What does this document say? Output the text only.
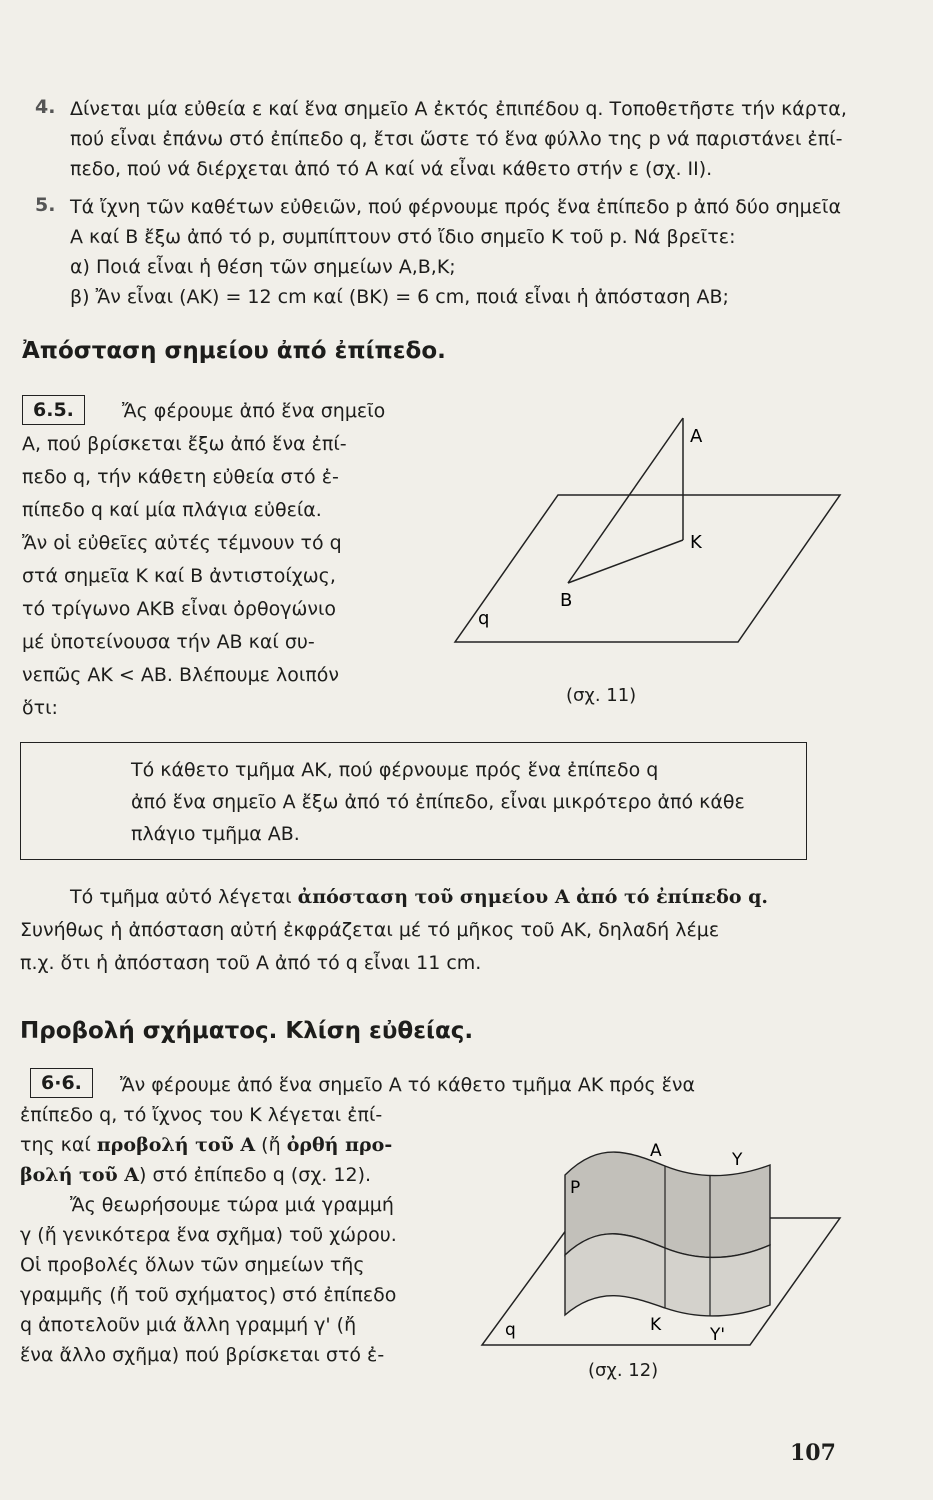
4. Δίνεται μία εὐθεία ε καί ἕνα σημεῖο Α ἐκτός ἐπιπέδου q. Τοποθετῆστε τήν κάρτα,
πού εἶναι ἐπάνω στό ἐπίπεδο q, ἔτσι ὥστε τό ἕνα φύλλο της p νά παριστάνει ἐπί-
πεδο, πού νά διέρχεται ἀπό τό Α καί νά εἶναι κάθετο στήν ε (σχ. II).
5. Τά ἴχνη τῶν καθέτων εὐθειῶν, πού φέρνουμε πρός ἕνα ἐπίπεδο p ἀπό δύο σημεῖα
Α καί Β ἔξω ἀπό τό p, συμπίπτουν στό ἴδιο σημεῖο Κ τοῦ p. Νά βρεῖτε:
α) Ποιά εἶναι ἡ θέση τῶν σημείων Α,Β,Κ;
β) Ἄν εἶναι (ΑΚ) = 12 cm καί (ΒΚ) = 6 cm, ποιά εἶναι ἡ ἀπόσταση ΑΒ;
Ἀπόσταση σημείου ἀπό ἐπίπεδο.
6.5.	Ἄς φέρουμε ἀπό ἕνα σημεῖο
Α, πού βρίσκεται ἔξω ἀπό ἕνα ἐπί-
πεδο q, τήν κάθετη εὐθεία στό ἐ-
πίπεδο q καί μία πλάγια εὐθεία.
Ἄν οἱ εὐθεῖες αὐτές τέμνουν τό q
στά σημεῖα Κ καί Β ἀντιστοίχως,
τό τρίγωνο ΑΚΒ εἶναι ὀρθογώνιο
μέ ὑποτείνουσα τήν ΑΒ καί συ-
νεπῶς ΑΚ < ΑΒ. Βλέπουμε λοιπόν
ὅτι:
Α
Κ
Β
q
(σχ. 11)
Τό κάθετο τμῆμα ΑΚ, πού φέρνουμε πρός ἕνα ἐπίπεδο q
ἀπό ἕνα σημεῖο Α ἔξω ἀπό τό ἐπίπεδο, εἶναι μικρότερο ἀπό κάθε
πλάγιο τμῆμα ΑΒ.
Τό τμῆμα αὐτό λέγεται ἀπόσταση τοῦ σημείου Α ἀπό τό ἐπίπεδο q.
Συνήθως ἡ ἀπόσταση αὐτή ἐκφράζεται μέ τό μῆκος τοῦ ΑΚ, δηλαδή λέμε
π.χ. ὅτι ἡ ἀπόσταση τοῦ Α ἀπό τό q εἶναι 11 cm.
Προβολή σχήματος. Κλίση εὐθείας.
6·6.	Ἄν φέρουμε ἀπό ἕνα σημεῖο Α τό κάθετο τμῆμα ΑΚ πρός ἕνα
ἐπίπεδο q, τό ἴχνος του Κ λέγεται ἐπί-
της καί προβολή τοῦ Α (ἤ ὀρθή προ-
βολή τοῦ Α) στό ἐπίπεδο q (σχ. 12).
Ἄς θεωρήσουμε τώρα μιά γραμμή
γ (ἤ γενικότερα ἕνα σχῆμα) τοῦ χώρου.
Οἱ προβολές ὅλων τῶν σημείων τῆς
γραμμῆς (ἤ τοῦ σχήματος) στό ἐπίπεδο
q ἀποτελοῦν μιά ἄλλη γραμμή γ' (ἤ
ἕνα ἄλλο σχῆμα) πού βρίσκεται στό ἐ-
Α	Υ
Ρ
Κ	Υ'
q
(σχ. 12)
107
